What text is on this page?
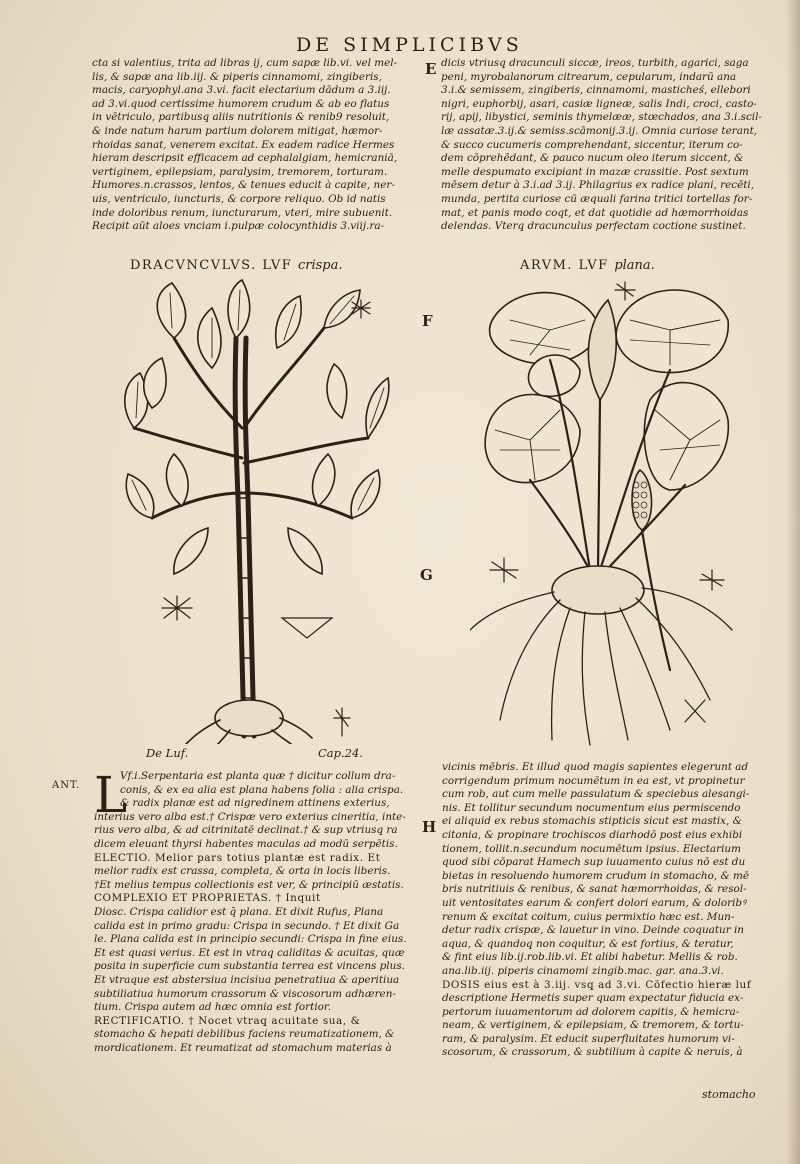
DE SIMPLICIBVS
E
F
G
H

cta si valentius, trita ad libras ij, cum sapæ lib.vi. vel mel‑

lis, & sapæ ana lib.iij. & piperis cinnamomi, zingiberis,

macis, caryophyl.ana 3.vi. facit electarium dādum a 3.iij.

ad 3.vi.quod certissime humorem crudum & ab eo flatus

in vētriculo, partibusq̧ aliis nutritionis & renib9 resoluit,

& inde natum harum partium dolorem mitigat, hæmor‑

rhoidas sanat, venerem excitat. Ex eadem radice Hermes

hieram descripsit efficacem ad cephalalgiam, hemicraniā,

vertiginem, epilepsiam, paralysim, tremorem, torturam.

Humores.n.crassos, lentos, & tenues educit à capite, ner‑

uis, ventriculo, iuncturis, & corpore reliquo. Ob id natis

inde doloribus renum, iuncturarum, vteri, mire subuenit.

Recipit aūt aloes vnciam i.pulpæ colocynthidis 3.viij.ra‑

dicis vtriusq̧ dracunculi siccæ, ireos, turbith, agarici, saga

peni, myrobalanorum citrearum, cepularum, indarū ana

3.i.& semissem, zingiberis, cinnamomi, masticheś, ellebori

nigri, euphorbij, asari, casiæ ligneæ, salis Indi, croci, casto‑

rij, apij, libystici, seminis thymelææ, stœchados, ana 3.i.scil‑

læ assatæ.3.ij.& semiss.scāmonij.3.ij. Omnia curiose terant,

& succo cucumeris comprehendant, siccentur, iterum co‑

dem cōprehēdant, & pauco nucum oleo iterum siccent, &

melle despumato excipiant in mazæ crassitie. Post sextum

mēsem detur à 3.i.ad 3.ij. Philagrius ex radice plani, recēti,

munda, pertita curiose cū æquali farina tritici tortellas for‑

mat, et panis modo coqt, et dat quotidie ad hæmorrhoidas

delendas. Vterq̧ dracunculus perfectam coctione sustinet.

DRACVNCVLVS. LVF crispa.	ARVM. LVF plana.
De Luf.	Cap.24.
ANT. L

Vf.i.Serpentaria est planta quæ † dicitur collum dra‑

conis, & ex ea alia est plana habens folia : alia crispa.

& radix planæ est ad nigredinem attinens exterius,

interius vero alba est.† Crispæ vero exterius cineritia, inte‑

rius vero alba, & ad citrinitatē declinat.† & sup vtriusq̧ ra

dicem eleuant thyrsi habentes maculas ad modū serpētis.

ELECTIO. Melior pars totius plantæ est radix. Et

melior radix est crassa, completa, & orta in locis liberis.

†Et melius tempus collectionis est ver, & principiū æstatis.

COMPLEXIO ET PROPRIETAS. † Inquit

Diosc. Crispa calidior est q̄ plana. Et dixit Rufus, Plana

calida est in primo gradu: Crispa in secundo. † Et dixit Ga

le. Plana calida est in principio secundi: Crispa in fine eius.

Et est quasi verius. Et est in vtraq̧ caliditas & acuitas, quæ

posita in superficie cum substantia terrea est vincens plus.

Et vtraque est abstersiua incisiua penetratiua & aperitiua

subtiliatiua humorum crassorum & viscosorum adhæren‑

tium. Crispa autem ad hæc omnia est fortior.

RECTIFICATIO. † Nocet vtraq̧ acuitate sua, &

stomacho & hepati debilibus faciens reumatizationem, &

mordicationem. Et reumatizat ad stomachum materias à

vicinis mēbris. Et illud quod magis sapientes elegerunt ad

corrigendum primum nocumētum in ea est, vt propinetur

cum rob, aut cum melle passulatum & speciebus alesangi‑

nis. Et tollitur secundum nocumentum eius permiscendo

ei aliquid ex rebus stomachis stipticis sicut est mastix, &

citonia, & propinare trochiscos diarhodō post eius exhibi

tionem, tollit.n.secundum nocumētum ipsius. Electarium

quod sibi cōparat Hamech sup iuuamento cuius nō est du

bietas in resoluendo humorem crudum in stomacho, & mē

bris nutritiuis & renibus, & sanat hæmorrhoidas, & resol‑

uit ventositates earum & confert dolori earum, & doloribꝰ

renum & excitat coitum, cuius permixtio hæc est. Mun‑

detur radix crispæ, & lauetur in vino. Deinde coquatur in

aqua, & quandoq̧ non coquitur, & est fortius, & teratur,

& fint eius lib.ij.rob.lib.vi. Et alibi habetur. Mellis & rob.

ana.lib.iij. piperis cinamomi zingib.mac. gar. ana.3.vi.

DOSIS eius est à 3.iij. vsq̧ ad 3.vi. Cōfectio hieræ luf

descriptione Hermetis super quam expectatur fiducia ex‑

pertorum iuuamentorum ad dolorem capitis, & hemicra‑

neam, & vertiginem, & epilepsiam, & tremorem, & tortu‑

ram, & paralysim. Et educit superfluitates humorum vi‑

scosorum, & crassorum, & subtilium à capite & neruis, à

stomacho
